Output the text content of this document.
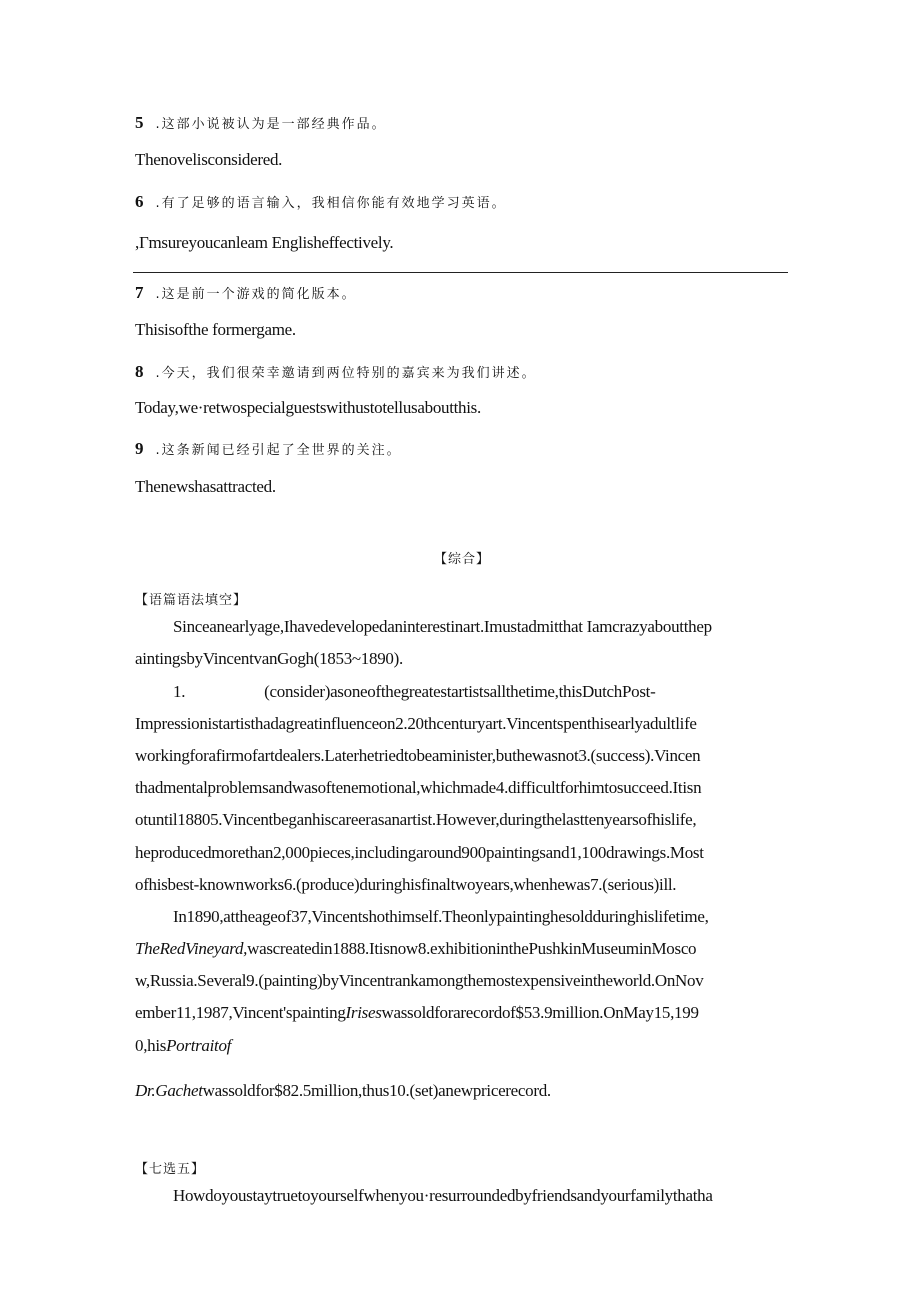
5 .这部小说被认为是一部经典作品。
Thenovelisconsidered.
6 .有了足够的语言输入，我相信你能有效地学习英语。
,Γmsureyoucanleam Englisheffectively.
7 .这是前一个游戏的简化版本。
Thisisofthe formergame.
8 .今天，我们很荣幸邀请到两位特别的嘉宾来为我们讲述。
Today,we·retwospecialguestswithustotellusaboutthis.
9 .这条新闻已经引起了全世界的关注。
Thenewshasattracted.
【综合】
【语篇语法填空】
Sinceanearlyage,Ihavedevelopedaninterestinart.Imustadmitthat Iamcrazyaboutthep
aintingsbyVincentvanGogh(1853~1890).
1.                    (consider)asoneofthegreatestartistsallthetime,thisDutchPost-
Impressionistartisthadagreatinfluenceon2.20thcenturyart.Vincentspenthisearlyadultlife
workingforafirmofartdealers.Laterhetriedtobeaminister,buthewasnot3.(success).Vincen
thadmentalproblemsandwasoftenemotional,whichmade4.difficultforhimtosucceed.Itisn
otuntil18805.Vincentbeganhiscareerasanartist.However,duringthelasttenyearsofhislife,
heproducedmorethan2,000pieces,includingaround900paintingsand1,100drawings.Most
ofhisbest-knownworks6.(produce)duringhisfinaltwoyears,whenhewas7.(serious)ill.
In1890,attheageof37,Vincentshothimself.Theonlypaintinghesoldduringhislifetime,
TheRedVineyard,wascreatedin1888.Itisnow8.exhibitioninthePushkinMuseuminMosco
w,Russia.Several9.(painting)byVincentrankamongthemostexpensiveintheworld.OnNov
ember11,1987,Vincent'spaintingIriseswassoldforarecordof$53.9million.OnMay15,199
0,hisPortraitof
Dr.Gachetwassoldfor$82.5million,thus10.(set)anewpricerecord.
【七选五】
Howdoyoustaytruetoyourselfwhenyou·resurroundedbyfriendsandyourfamilythatha
